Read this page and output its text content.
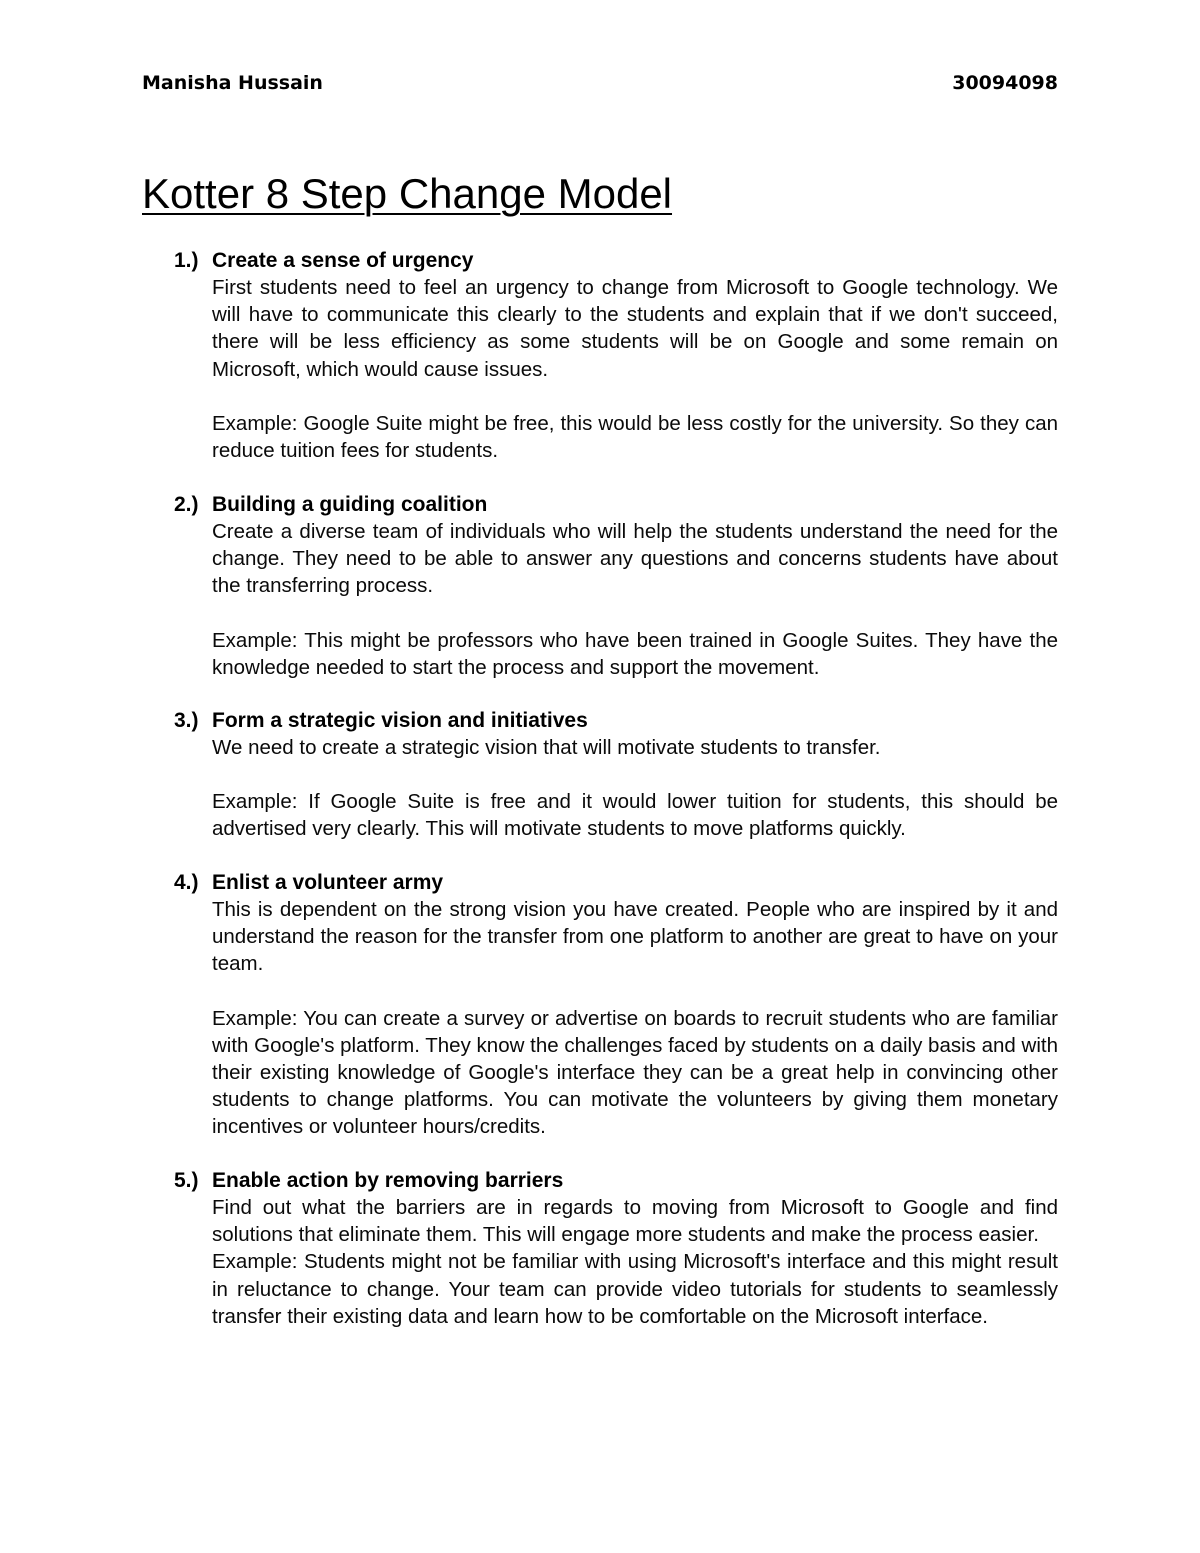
Manisha Hussain	30094098
Kotter 8 Step Change Model
1.) Create a sense of urgency

First students need to feel an urgency to change from Microsoft to Google technology. We will have to communicate this clearly to the students and explain that if we don't succeed, there will be less efficiency as some students will be on Google and some remain on Microsoft, which would cause issues.

Example: Google Suite might be free, this would be less costly for the university. So they can reduce tuition fees for students.

2.) Building a guiding coalition

Create a diverse team of individuals who will help the students understand the need for the change. They need to be able to answer any questions and concerns students have about the transferring process.

Example: This might be professors who have been trained in Google Suites. They have the knowledge needed to start the process and support the movement.

3.) Form a strategic vision and initiatives

We need to create a strategic vision that will motivate students to transfer.

Example: If Google Suite is free and it would lower tuition for students, this should be advertised very clearly. This will motivate students to move platforms quickly.

4.) Enlist a volunteer army

This is dependent on the strong vision you have created. People who are inspired by it and understand the reason for the transfer from one platform to another are great to have on your team.

Example: You can create a survey or advertise on boards to recruit students who are familiar with Google's platform. They know the challenges faced by students on a daily basis and with their existing knowledge of Google's interface they can be a great help in convincing other students to change platforms. You can motivate the volunteers by giving them monetary incentives or volunteer hours/credits.

5.) Enable action by removing barriers

Find out what the barriers are in regards to moving from Microsoft to Google and find solutions that eliminate them. This will engage more students and make the process easier.

Example: Students might not be familiar with using Microsoft's interface and this might result in reluctance to change. Your team can provide video tutorials for students to seamlessly transfer their existing data and learn how to be comfortable on the Microsoft interface.
